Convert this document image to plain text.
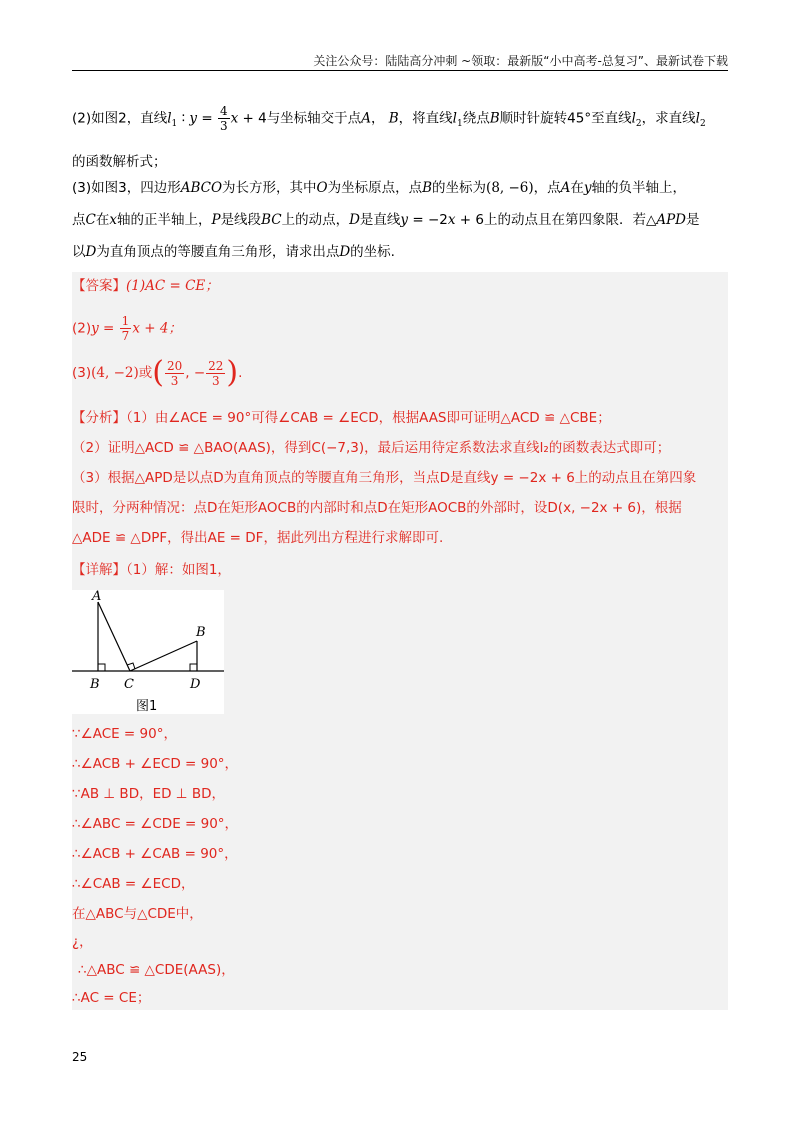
关注公众号：陆陆高分冲刺 ~领取：最新版“小中高考-总复习”、最新试卷下载
(2)如图2，直线$l_1$ ∶ $y = \frac{4}{3}$ x + 4与坐标轴交于点A， B，将直线$l_1$绕点B顺时针旋转45°至直线$l_2$，求直线$l_2$
的函数解析式；
(3)如图3，四边形ABCO为长方形，其中O为坐标原点，点B的坐标为(8, −6)，点A在y轴的负半轴上，
点C在x轴的正半轴上，P是线段BC上的动点，D是直线y = −2x + 6上的动点且在第四象限．若△APD是
以D为直角顶点的等腰直角三角形，请求出点D的坐标.
【答案】(1)AC = CE；
$(2)y = \frac{1}{7}$ x + 4；
(3)(4, −2)或( $\frac{20}{3}$ , − $\frac{22}{3}$ ).
【分析】（1）由∠ACE = 90°可得∠CAB = ∠ECD，根据AAS即可证明△ACD ≌ △CBE；
（2）证明△ACD ≌ △BAO(AAS)，得到C(−7,3)，最后运用待定系数法求直线l₂的函数表达式即可；
（3）根据△APD是以点D为直角顶点的等腰直角三角形，当点D是直线y = −2x + 6上的动点且在第四象
限时，分两种情况：点D在矩形AOCB的内部时和点D在矩形AOCB的外部时，设D(x, −2x + 6)，根据
△ADE ≌ △DPF，得出AE = DF，据此列出方程进行求解即可.
【详解】（1）解：如图1，
A
B
B C	D
图1
∵∠ACE = 90°，
∴∠ACB + ∠ECD = 90°，
∵AB ⊥ BD，ED ⊥ BD，
∴∠ABC = ∠CDE = 90°，
∴∠ACB + ∠CAB = 90°，
∴∠CAB = ∠ECD，
在△ABC与△CDE中，
¿，
∴△ABC ≌ △CDE(AAS)，
∴AC = CE；
25
